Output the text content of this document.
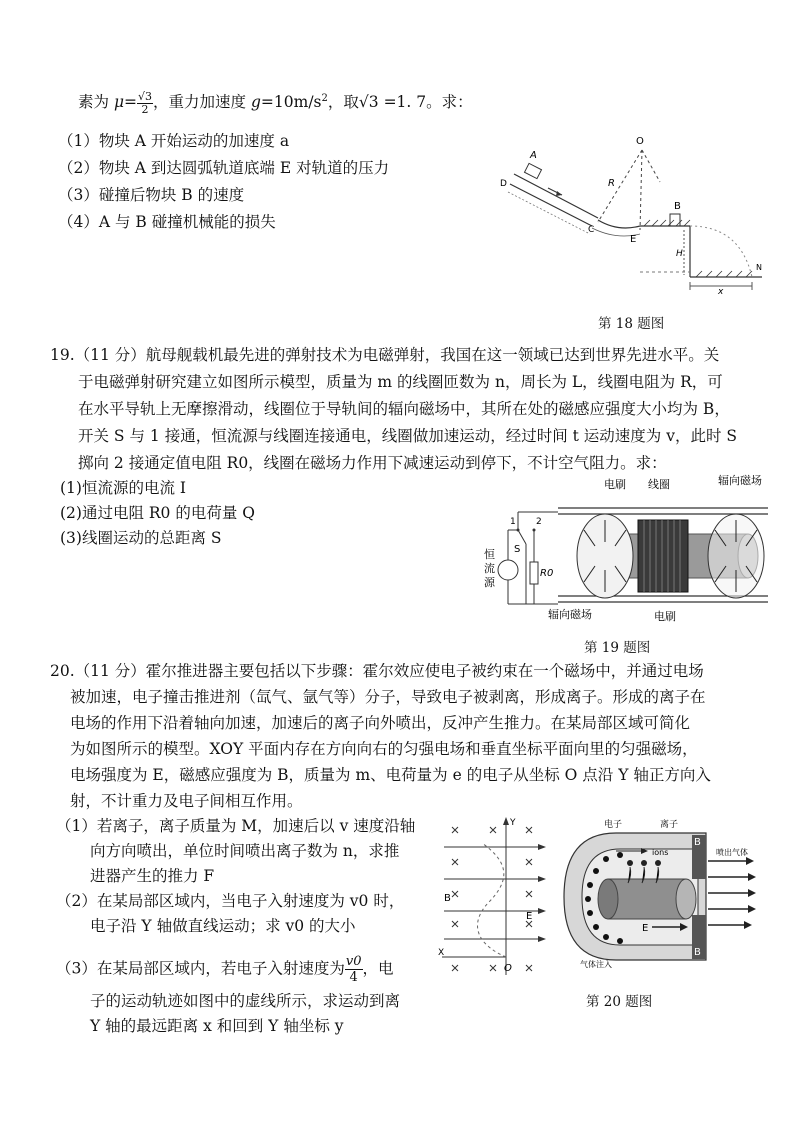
素为 $\mu= \frac{√3}{2}$ ，重力加速度 $g=10m/s^2$，取√3 =1. 7。求：
（1）物块 A 开始运动的加速度 a
（2）物块 A 到达圆弧轨道底端 E 对轨道的压力
（3）碰撞后物块 B 的速度
（4）A 与 B 碰撞机械能的损失
A
D
O
R
C
E
B
H
N
x
第 18 题图
19.（11 分）航母舰载机最先进的弹射技术为电磁弹射，我国在这一领域已达到世界先进水平。关
于电磁弹射研究建立如图所示模型，质量为 m 的线圈匝数为 n，周长为 L，线圈电阻为 R，可
在水平导轨上无摩擦滑动，线圈位于导轨间的辐向磁场中，其所在处的磁感应强度大小均为 B，
开关 S 与 1 接通，恒流源与线圈连接通电，线圈做加速运动，经过时间 t 运动速度为 v，此时 S
掷向 2 接通定值电阻 R0，线圈在磁场力作用下减速运动到停下，不计空气阻力。求：
(1)恒流源的电流 I
(2)通过电阻 R0 的电荷量 Q
(3)线圈运动的总距离 S
电刷 线圈	辐向磁场
辐向磁场	电刷
恒
流
源
S
R0
1 2
第 19 题图
20.（11 分）霍尔推进器主要包括以下步骤：霍尔效应使电子被约束在一个磁场中，并通过电场
被加速，电子撞击推进剂（氙气、氩气等）分子，导致电子被剥离，形成离子。形成的离子在
电场的作用下沿着轴向加速，加速后的离子向外喷出，反冲产生推力。在某局部区域可简化
为如图所示的模型。XOY 平面内存在方向向右的匀强电场和垂直坐标平面向里的匀强磁场，
电场强度为 E，磁感应强度为 B，质量为 m、电荷量为 e 的电子从坐标 O 点沿 Y 轴正方向入
射，不计重力及电子间相互作用。
（1）若离子，离子质量为 M，加速后以 v 速度沿轴
向方向喷出，单位时间喷出离子数为 n，求推
进器产生的推力 F
（2）在某局部区域内，当电子入射速度为 v0 时，
电子沿 Y 轴做直线运动；求 v0 的大小
（3）在某局部区域内，若电子入射速度为 $\frac{v0}{4}$ ，电
子的运动轨迹如图中的虚线所示，求运动到离
Y 轴的最远距离 x 和回到 Y 轴坐标 y
Y
X
B
E
O
电子	离子
ions	喷出气体
气体注入
B
B
E
第 20 题图
